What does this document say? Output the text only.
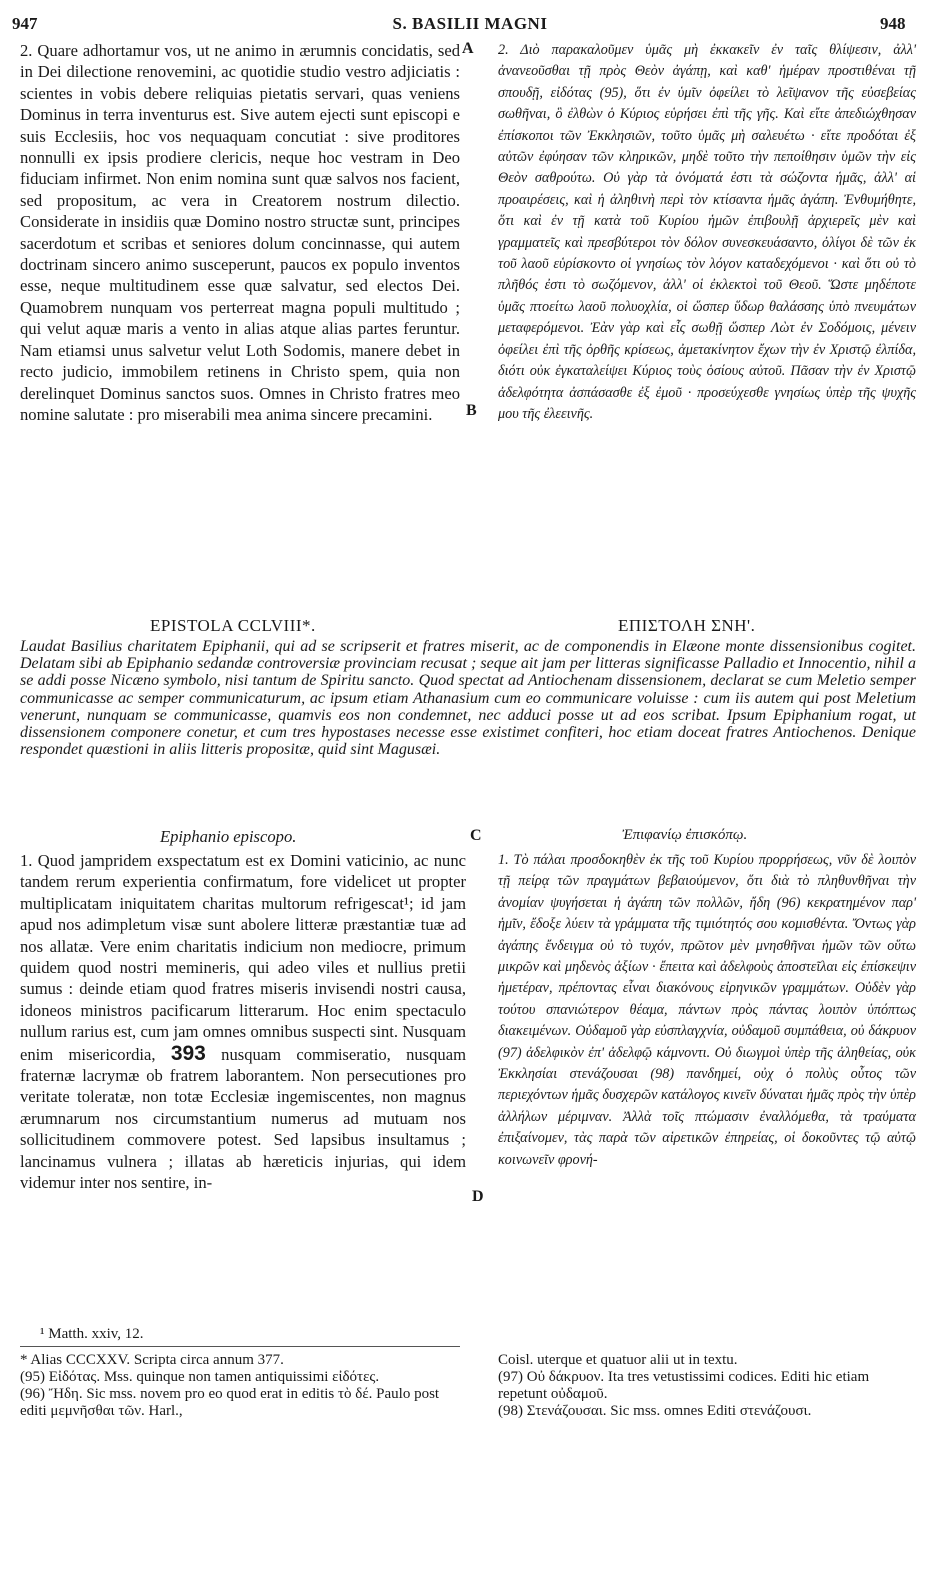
947	S. BASILII MAGNI	948

2. Quare adhortamur vos, ut ne animo in ærumnis concidatis, sed in Dei dilectione renovemini, ac quotidie studio vestro adjiciatis : scientes in vobis debere reliquias pietatis servari, quas veniens Dominus in terra inventurus est. Sive autem ejecti sunt episcopi e suis Ecclesiis, hoc vos nequaquam concutiat : sive proditores nonnulli ex ipsis prodiere clericis, neque hoc vestram in Deo fiduciam infirmet. Non enim nomina sunt quæ salvos nos facient, sed propositum, ac vera in Creatorem nostrum dilectio. Considerate in insidiis quæ Domino nostro structæ sunt, principes sacerdotum et scribas et seniores dolum concinnasse, qui autem doctrinam sincero animo susceperunt, paucos ex populo inventos esse, neque multitudinem esse quæ salvatur, sed electos Dei. Quamobrem nunquam vos perterreat magna populi multitudo ; qui velut aquæ maris a vento in alias atque alias partes feruntur. Nam etiamsi unus salvetur velut Loth Sodomis, manere debet in recto judicio, immobilem retinens in Christo spem, quia non derelinquet Dominus sanctos suos. Omnes in Christo fratres meo nomine salutate : pro miserabili mea anima sincere precamini.

A
B

2. Διὸ παρακαλοῦμεν ὑμᾶς μὴ ἐκκακεῖν ἐν ταῖς θλίψεσιν, ἀλλ' ἀνανεοῦσθαι τῇ πρὸς Θεὸν ἀγάπῃ, καὶ καθ' ἡμέραν προστιθέναι τῇ σπουδῇ, εἰδότας (95), ὅτι ἐν ὑμῖν ὀφείλει τὸ λεῖψανον τῆς εὐσεβείας σωθῆναι, ὃ ἐλθὼν ὁ Κύριος εὑρήσει ἐπὶ τῆς γῆς. Καὶ εἴτε ἀπεδιώχθησαν ἐπίσκοποι τῶν Ἐκκλησιῶν, τοῦτο ὑμᾶς μὴ σαλευέτω · εἴτε προδόται ἐξ αὐτῶν ἐφύησαν τῶν κληρικῶν, μηδὲ τοῦτο τὴν πεποίθησιν ὑμῶν τὴν εἰς Θεὸν σαθρούτω. Οὐ γὰρ τὰ ὀνόματά ἐστι τὰ σώζοντα ἡμᾶς, ἀλλ' αἱ προαιρέσεις, καὶ ἡ ἀληθινὴ περὶ τὸν κτίσαντα ἡμᾶς ἀγάπη. Ἐνθυμήθητε, ὅτι καὶ ἐν τῇ κατὰ τοῦ Κυρίου ἡμῶν ἐπιβουλῇ ἀρχιερεῖς μὲν καὶ γραμματεῖς καὶ πρεσβύτεροι τὸν δόλον συνεσκευάσαντο, ὀλίγοι δὲ τῶν ἐκ τοῦ λαοῦ εὑρίσκοντο οἱ γνησίως τὸν λόγον καταδεχόμενοι · καὶ ὅτι οὐ τὸ πλῆθός ἐστι τὸ σωζόμενον, ἀλλ' οἱ ἐκλεκτοὶ τοῦ Θεοῦ. Ὥστε μηδέποτε ὑμᾶς πτοείτω λαοῦ πολυοχλία, οἱ ὥσπερ ὕδωρ θαλάσσης ὑπὸ πνευμάτων μεταφερόμενοι. Ἐὰν γὰρ καὶ εἷς σωθῇ ὥσπερ Λὼτ ἐν Σοδόμοις, μένειν ὀφείλει ἐπὶ τῆς ὀρθῆς κρίσεως, ἀμετακίνητον ἔχων τὴν ἐν Χριστῷ ἐλπίδα, διότι οὐκ ἐγκαταλείψει Κύριος τοὺς ὁσίους αὐτοῦ. Πᾶσαν τὴν ἐν Χριστῷ ἀδελφότητα ἀσπάσασθε ἐξ ἐμοῦ · προσεύχεσθε γνησίως ὑπὲρ τῆς ψυχῆς μου τῆς ἐλεεινῆς.

EPISTOLA CCLVIII*.	ΕΠΙΣΤΟΛΗ ΣΝΗ'.
Laudat Basilius charitatem Epiphanii, qui ad se scripserit et fratres miserit, ac de componendis in Elæone monte dissensionibus cogitet. Delatam sibi ab Epiphanio sedandæ controversiæ provinciam recusat ; seque ait jam per litteras significasse Palladio et Innocentio, nihil a se addi posse Nicæno symbolo, nisi tantum de Spiritu sancto. Quod spectat ad Antiochenam dissensionem, declarat se cum Meletio semper communicasse ac semper communicaturum, ac ipsum etiam Athanasium cum eo communicare voluisse : cum iis autem qui post Meletium venerunt, nunquam se communicasse, quamvis eos non condemnet, nec adduci posse ut ad eos scribat. Ipsum Epiphanium rogat, ut dissensionem componere conetur, et cum tres hypostases necesse esse existimet confiteri, hoc etiam doceat fratres Antiochenos. Denique respondet quæstioni in aliis litteris propositæ, quid sint Magusæi.
Epiphanio episcopo.	C	Ἐπιφανίῳ ἐπισκόπῳ.

1. Quod jampridem exspectatum est ex Domini vaticinio, ac nunc tandem rerum experientia confirmatum, fore videlicet ut propter multiplicatam iniquitatem charitas multorum refrigescat¹; id jam apud nos adimpletum visæ sunt abolere litteræ præstantiæ tuæ ad nos allatæ. Vere enim charitatis indicium non mediocre, primum quidem quod nostri memineris, qui adeo viles et nullius pretii sumus : deinde etiam quod fratres miseris invisendi nostri causa, idoneos ministros pacificarum litterarum. Hoc enim spectaculo nullum rarius est, cum jam omnes omnibus suspecti sint. Nusquam enim misericordia, 393 nusquam commiseratio, nusquam fraternæ lacrymæ ob fratrem laborantem. Non persecutiones pro veritate toleratæ, non totæ Ecclesiæ ingemiscentes, non magnus ærumnarum nos circumstantium numerus ad mutuam nos sollicitudinem commovere potest. Sed lapsibus insultamus ; lancinamus vulnera ; illatas ab hæreticis injurias, qui idem videmur inter nos sentire, in-

D

1. Τὸ πάλαι προσδοκηθὲν ἐκ τῆς τοῦ Κυρίου προρρήσεως, νῦν δὲ λοιπὸν τῇ πείρᾳ τῶν πραγμάτων βεβαιούμενον, ὅτι διὰ τὸ πληθυνθῆναι τὴν ἀνομίαν ψυγήσεται ἡ ἀγάπη τῶν πολλῶν, ἤδη (96) κεκρατημένον παρ' ἡμῖν, ἔδοξε λύειν τὰ γράμματα τῆς τιμιότητός σου κομισθέντα. Ὄντως γὰρ ἀγάπης ἔνδειγμα οὐ τὸ τυχόν, πρῶτον μὲν μνησθῆναι ἡμῶν τῶν οὕτω μικρῶν καὶ μηδενὸς ἀξίων · ἔπειτα καὶ ἀδελφοὺς ἀποστεῖλαι εἰς ἐπίσκεψιν ἡμετέραν, πρέποντας εἶναι διακόνους εἰρηνικῶν γραμμάτων. Οὐδὲν γὰρ τούτου σπανιώτερον θέαμα, πάντων πρὸς πάντας λοιπὸν ὑπόπτως διακειμένων. Οὐδαμοῦ γὰρ εὐσπλαγχνία, οὐδαμοῦ συμπάθεια, οὐ δάκρυον (97) ἀδελφικὸν ἐπ' ἀδελφῷ κάμνοντι. Οὐ διωγμοὶ ὑπὲρ τῆς ἀληθείας, οὐκ Ἐκκλησίαι στενάζουσαι (98) πανδημεί, οὐχ ὁ πολὺς οὗτος τῶν περιεχόντων ἡμᾶς δυσχερῶν κατάλογος κινεῖν δύναται ἡμᾶς πρὸς τὴν ὑπὲρ ἀλλήλων μέριμναν. Ἀλλὰ τοῖς πτώμασιν ἐναλλόμεθα, τὰ τραύματα ἐπιξαίνομεν, τὰς παρὰ τῶν αἱρετικῶν ἐπηρείας, οἱ δοκοῦντες τῷ αὐτῷ κοινωνεῖν φρονή-

¹ Matth. xxiv, 12.

* Alias CCCXXV. Scripta circa annum 377.

(95) Εἰδότας. Mss. quinque non tamen antiquissimi εἰδότες.

(96) Ἤδη. Sic mss. novem pro eo quod erat in editis τὸ δέ. Paulo post editi μεμνῆσθαι τῶν. Harl.,

Coisl. uterque et quatuor alii ut in textu.

(97) Οὐ δάκρυον. Ita tres vetustissimi codices. Editi hic etiam repetunt οὐδαμοῦ.

(98) Στενάζουσαι. Sic mss. omnes Editi στενάζουσι.
